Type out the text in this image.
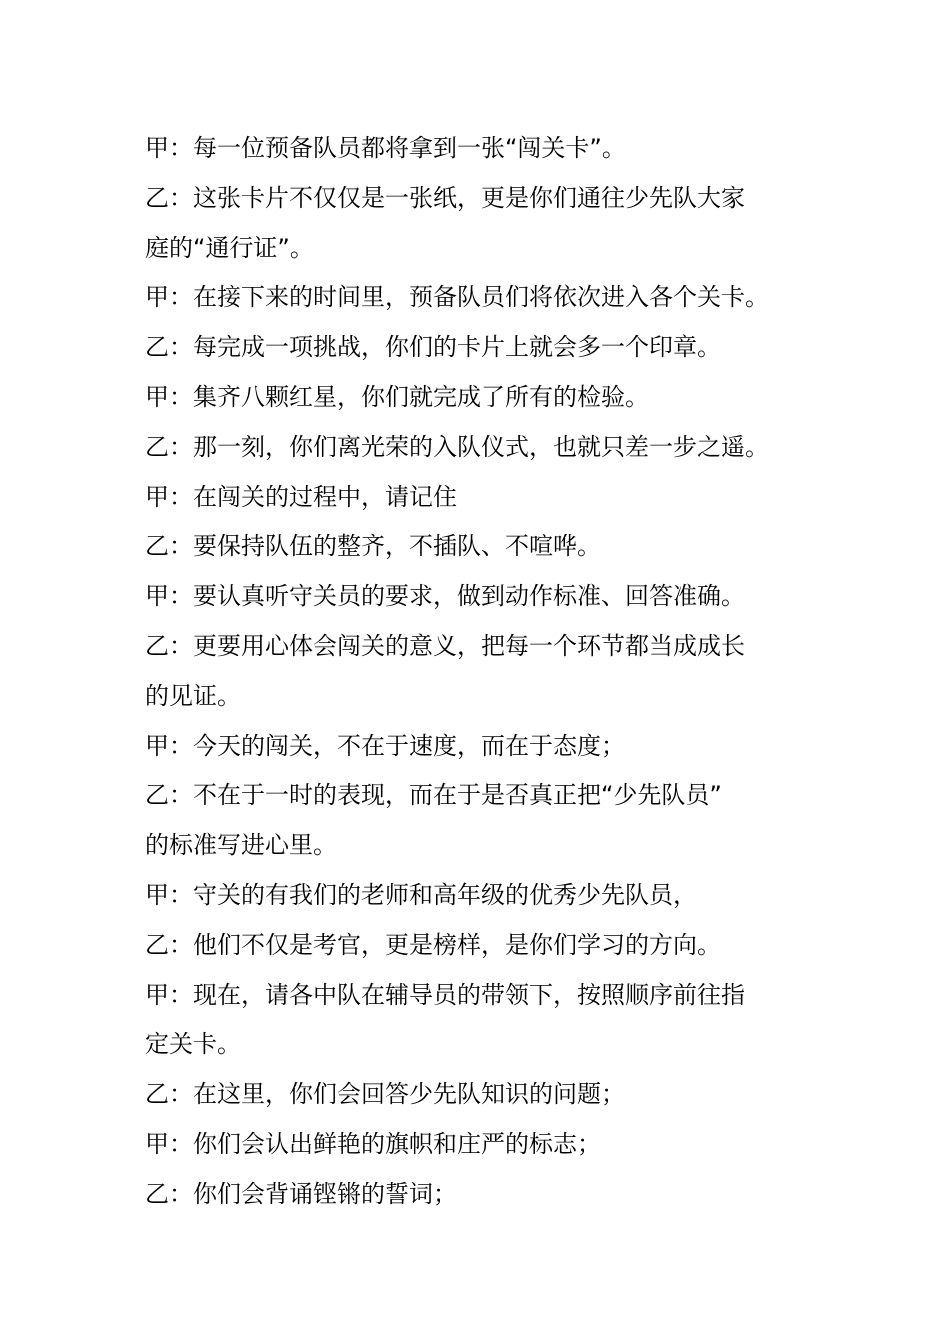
甲：每一位预备队员都将拿到一张“闯关卡”。
乙：这张卡片不仅仅是一张纸，更是你们通往少先队大家
庭的“通行证”。
甲：在接下来的时间里，预备队员们将依次进入各个关卡。
乙：每完成一项挑战，你们的卡片上就会多一个印章。
甲：集齐八颗红星，你们就完成了所有的检验。
乙：那一刻，你们离光荣的入队仪式，也就只差一步之遥。
甲：在闯关的过程中，请记住
乙：要保持队伍的整齐，不插队、不喧哗。
甲：要认真听守关员的要求，做到动作标准、回答准确。
乙：更要用心体会闯关的意义，把每一个环节都当成成长
的见证。
甲：今天的闯关，不在于速度，而在于态度；
乙：不在于一时的表现，而在于是否真正把“少先队员”
的标准写进心里。
甲：守关的有我们的老师和高年级的优秀少先队员，
乙：他们不仅是考官，更是榜样，是你们学习的方向。
甲：现在，请各中队在辅导员的带领下，按照顺序前往指
定关卡。
乙：在这里，你们会回答少先队知识的问题；
甲：你们会认出鲜艳的旗帜和庄严的标志；
乙：你们会背诵铿锵的誓词；
